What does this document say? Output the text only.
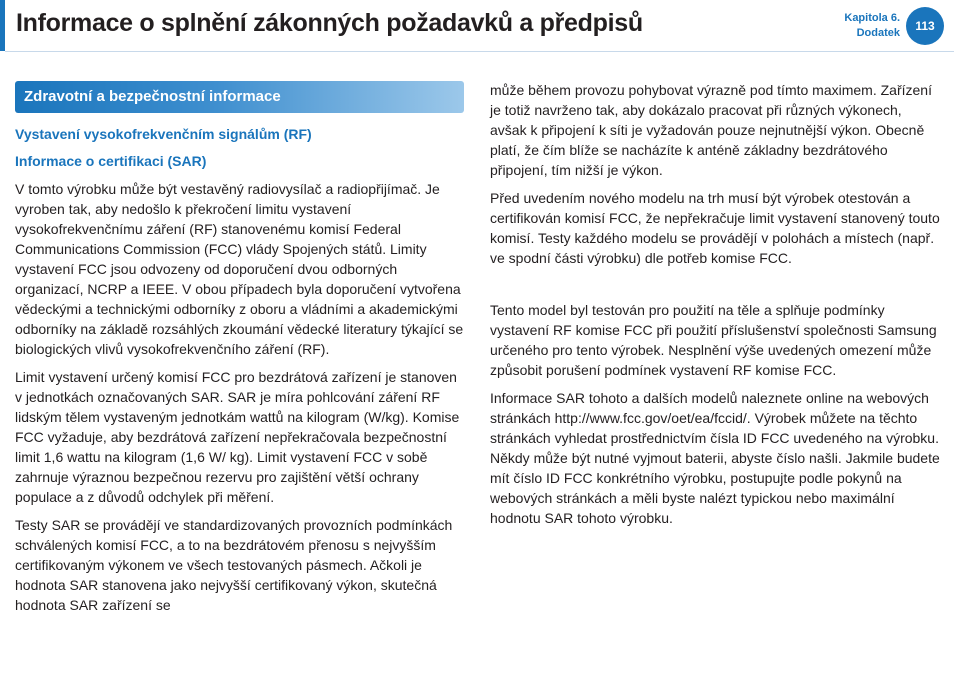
Informace o splnění zákonných požadavků a předpisů	Kapitola 6.
Dodatek	113
Zdravotní a bezpečnostní informace
Vystavení vysokofrekvenčním signálům (RF)
Informace o certifikaci (SAR)

V tomto výrobku může být vestavěný radiovysílač a radiopřijímač. Je vyroben tak, aby nedošlo k překročení limitu vystavení vysokofrekvenčnímu záření (RF) stanovenému komisí Federal Communications Commission (FCC) vlády Spojených států. Limity vystavení FCC jsou odvozeny od doporučení dvou odborných organizací, NCRP a IEEE. V obou případech byla doporučení vytvořena vědeckými a technickými odborníky z oboru a vládními a akademickými odborníky na základě rozsáhlých zkoumání vědecké literatury týkající se biologických vlivů vysokofrekvenčního záření (RF).

Limit vystavení určený komisí FCC pro bezdrátová zařízení je stanoven v jednotkách označovaných SAR. SAR je míra pohlcování záření RF lidským tělem vystaveným jednotkám wattů na kilogram (W/kg). Komise FCC vyžaduje, aby bezdrátová zařízení nepřekračovala bezpečnostní limit 1,6 wattu na kilogram (1,6 W/ kg). Limit vystavení FCC v sobě zahrnuje výraznou bezpečnou rezervu pro zajištění větší ochrany populace a z důvodů odchylek při měření.

Testy SAR se provádějí ve standardizovaných provozních podmínkách schválených komisí FCC, a to na bezdrátovém přenosu s nejvyšším certifikovaným výkonem ve všech testovaných pásmech. Ačkoli je hodnota SAR stanovena jako nejvyšší certifikovaný výkon, skutečná hodnota SAR zařízení se

může během provozu pohybovat výrazně pod tímto maximem. Zařízení je totiž navrženo tak, aby dokázalo pracovat při různých výkonech, avšak k připojení k síti je vyžadován pouze nejnutnější výkon. Obecně platí, že čím blíže se nacházíte k anténě základny bezdrátového připojení, tím nižší je výkon.

Před uvedením nového modelu na trh musí být výrobek otestován a certifikován komisí FCC, že nepřekračuje limit vystavení stanovený touto komisí. Testy každého modelu se provádějí v polohách a místech (např. ve spodní části výrobku) dle potřeb komise FCC.

Tento model byl testován pro použití na těle a splňuje podmínky vystavení RF komise FCC při použití příslušenství společnosti Samsung určeného pro tento výrobek. Nesplnění výše uvedených omezení může způsobit porušení podmínek vystavení RF komise FCC.

Informace SAR tohoto a dalších modelů naleznete online na webových stránkách http://www.fcc.gov/oet/ea/fccid/. Výrobek můžete na těchto stránkách vyhledat prostřednictvím čísla ID FCC uvedeného na výrobku. Někdy může být nutné vyjmout baterii, abyste číslo našli. Jakmile budete mít číslo ID FCC konkrétního výrobku, postupujte podle pokynů na webových stránkách a měli byste nalézt typickou nebo maximální hodnotu SAR tohoto výrobku.
